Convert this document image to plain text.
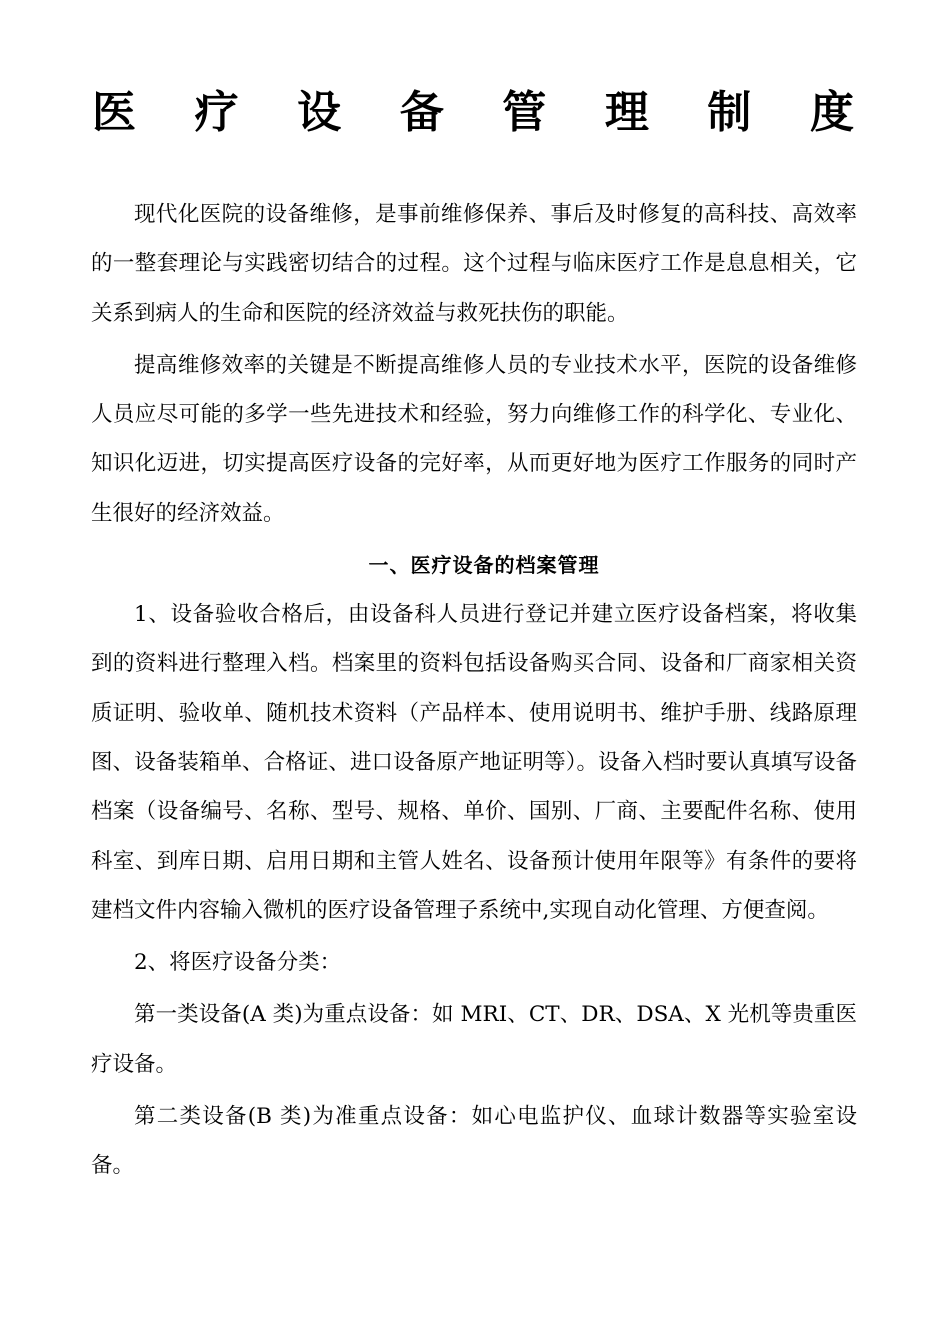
医 疗 设 备 管 理 制 度

现代化医院的设备维修，是事前维修保养、事后及时修复的高科技、高效率的一整套理论与实践密切结合的过程。这个过程与临床医疗工作是息息相关，它关系到病人的生命和医院的经济效益与救死扶伤的职能。

提高维修效率的关键是不断提高维修人员的专业技术水平，医院的设备维修人员应尽可能的多学一些先进技术和经验，努力向维修工作的科学化、专业化、知识化迈进，切实提高医疗设备的完好率，从而更好地为医疗工作服务的同时产生很好的经济效益。

一、医疗设备的档案管理

1、设备验收合格后，由设备科人员进行登记并建立医疗设备档案，将收集到的资料进行整理入档。档案里的资料包括设备购买合同、设备和厂商家相关资质证明、验收单、随机技术资料（产品样本、使用说明书、维护手册、线路原理图、设备装箱单、合格证、进口设备原产地证明等）。设备入档时要认真填写设备档案（设备编号、名称、型号、规格、单价、国别、厂商、主要配件名称、使用科室、到库日期、启用日期和主管人姓名、设备预计使用年限等》有条件的要将建档文件内容输入微机的医疗设备管理子系统中,实现自动化管理、方便查阅。

2、将医疗设备分类：

第一类设备(A 类)为重点设备：如 MRI、CT、DR、DSA、X 光机等贵重医疗设备。

第二类设备(B 类)为准重点设备：如心电监护仪、血球计数器等实验室设备。
